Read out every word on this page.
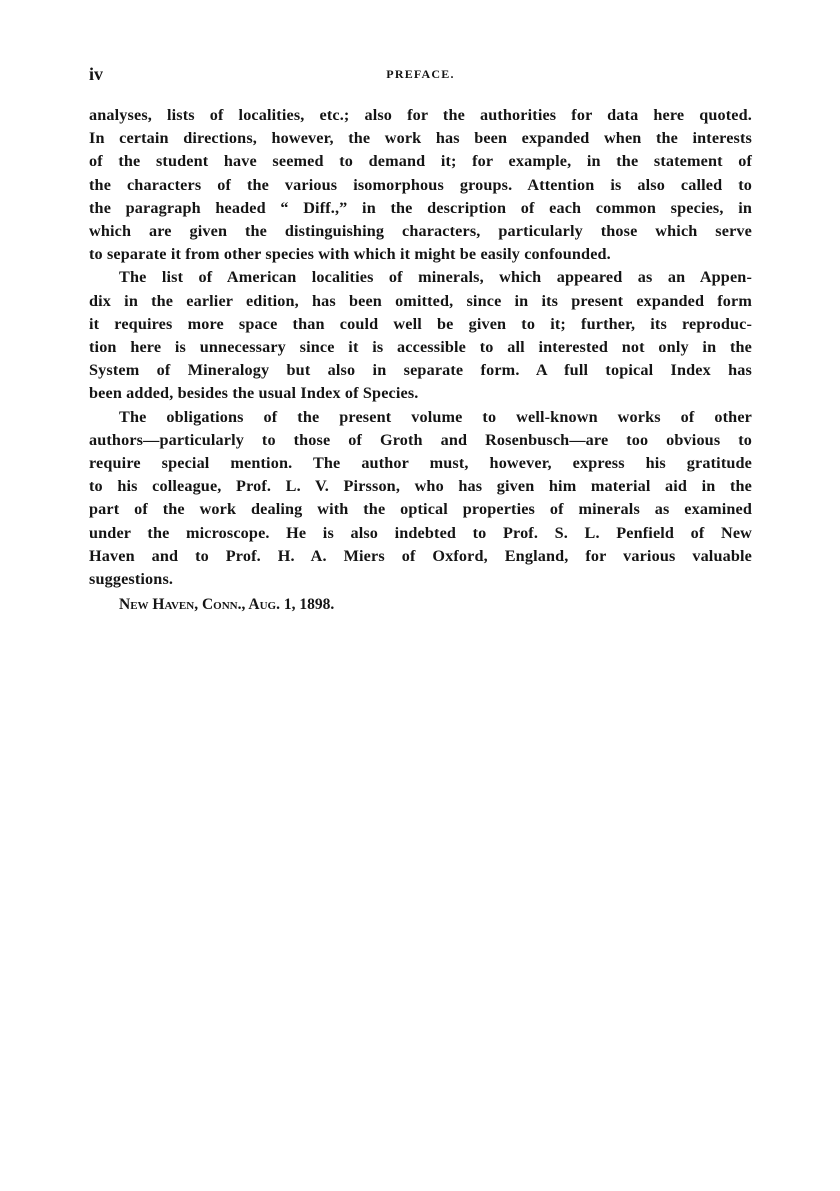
iv	PREFACE.
analyses, lists of localities, etc.; also for the authorities for data here quoted.
In certain directions, however, the work has been expanded when the interests
of the student have seemed to demand it; for example, in the statement of
the characters of the various isomorphous groups. Attention is also called to
the paragraph headed “ Diff.,” in the description of each common species, in
which are given the distinguishing characters, particularly those which serve
to separate it from other species with which it might be easily confounded.
The list of American localities of minerals, which appeared as an Appen-
dix in the earlier edition, has been omitted, since in its present expanded form
it requires more space than could well be given to it; further, its reproduc-
tion here is unnecessary since it is accessible to all interested not only in the
System of Mineralogy but also in separate form. A full topical Index has
been added, besides the usual Index of Species.
The obligations of the present volume to well-known works of other
authors—particularly to those of Groth and Rosenbusch—are too obvious to
require special mention. The author must, however, express his gratitude
to his colleague, Prof. L. V. Pirsson, who has given him material aid in the
part of the work dealing with the optical properties of minerals as examined
under the microscope. He is also indebted to Prof. S. L. Penfield of New
Haven and to Prof. H. A. Miers of Oxford, England, for various valuable
suggestions.
New Haven, Conn., Aug. 1, 1898.
